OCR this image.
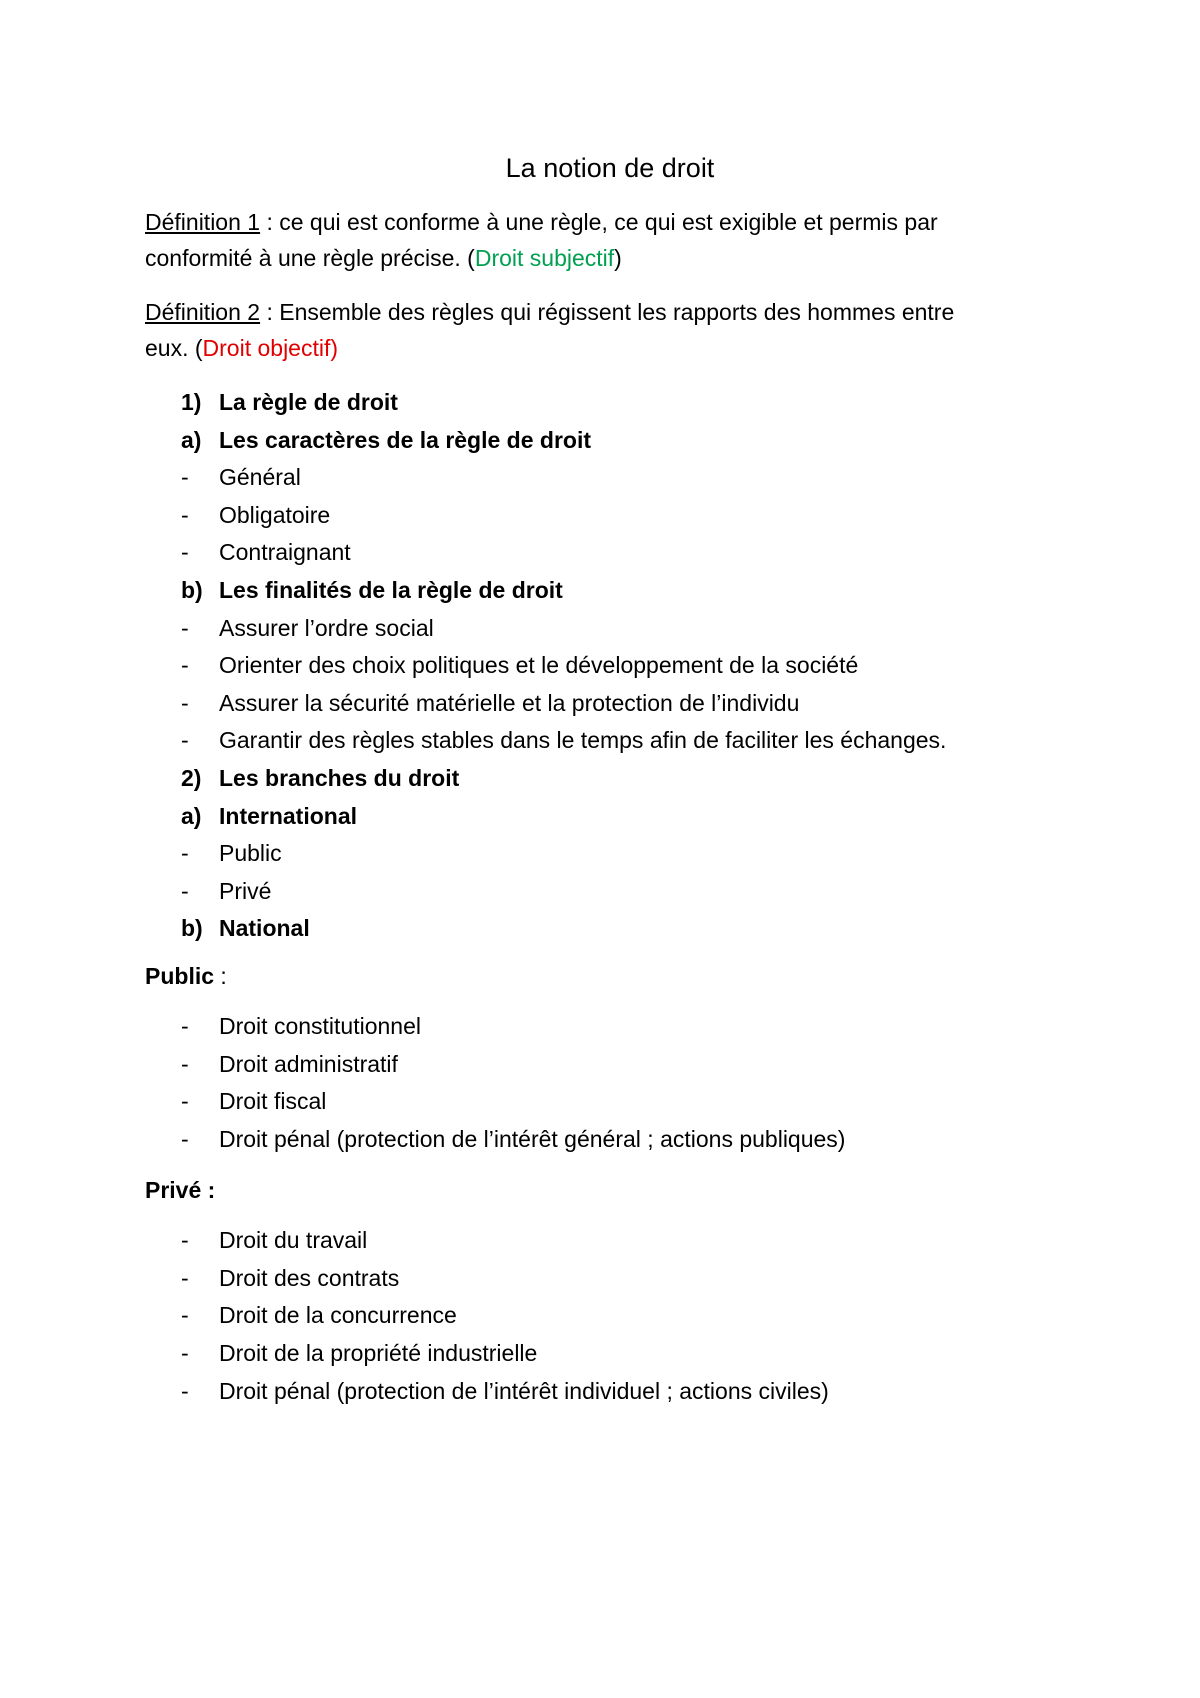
La notion de droit
Définition 1 : ce qui est conforme à une règle, ce qui est exigible et permis par
conformité à une règle précise. (Droit subjectif)
Définition 2 : Ensemble des règles qui régissent les rapports des hommes entre
eux. (Droit objectif)
1) La règle de droit
a) Les caractères de la règle de droit
- Général
- Obligatoire
- Contraignant
b) Les finalités de la règle de droit
- Assurer l’ordre social
- Orienter des choix politiques et le développement de la société
- Assurer la sécurité matérielle et la protection de l’individu
- Garantir des règles stables dans le temps afin de faciliter les échanges.
2) Les branches du droit
a) International
- Public
- Privé
b) National
Public :
- Droit constitutionnel
- Droit administratif
- Droit fiscal
- Droit pénal (protection de l’intérêt général ; actions publiques)
Privé :
- Droit du travail
- Droit des contrats
- Droit de la concurrence
- Droit de la propriété industrielle
- Droit pénal (protection de l’intérêt individuel ; actions civiles)
